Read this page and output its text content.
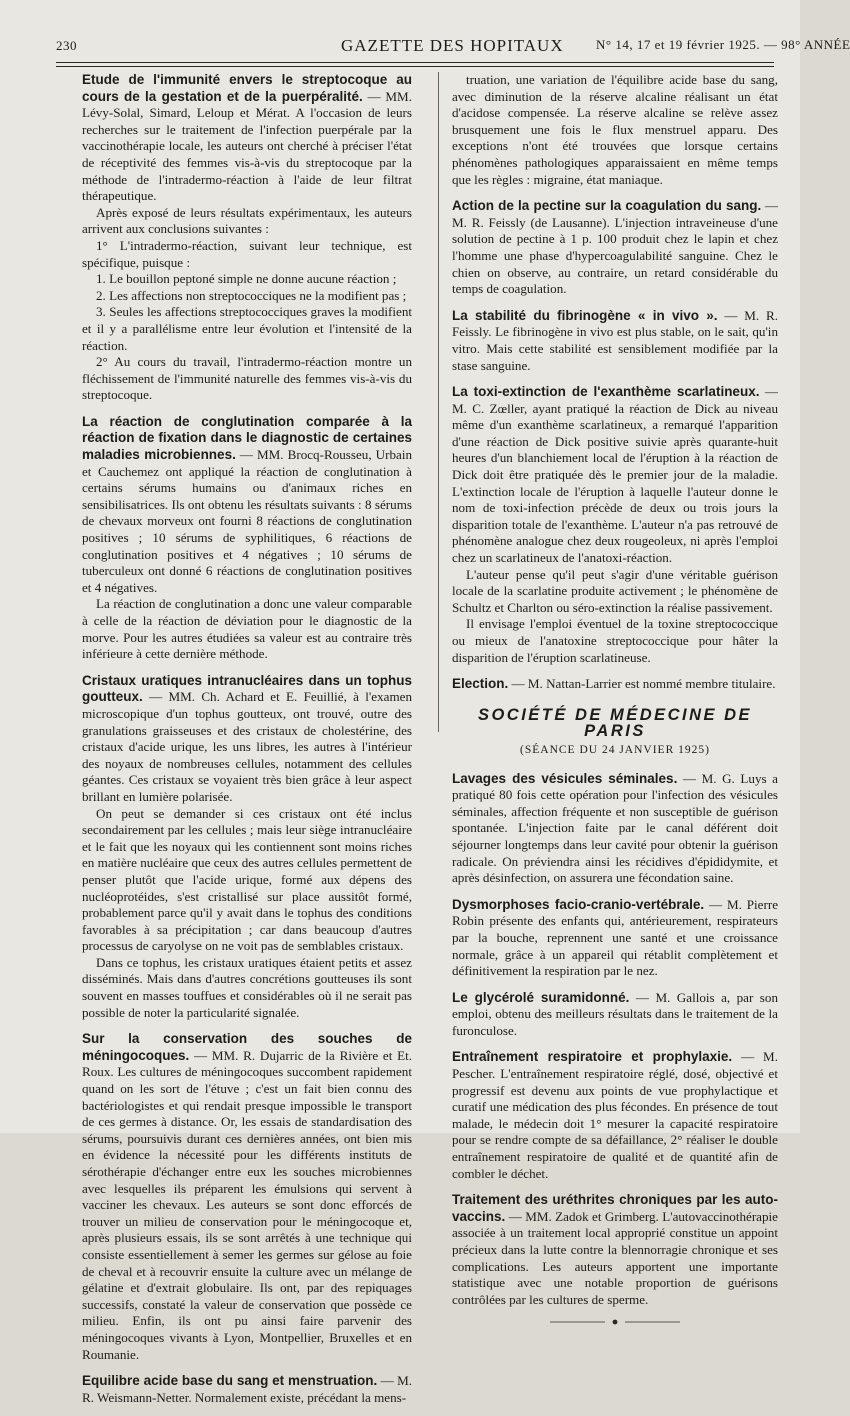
230	GAZETTE DES HOPITAUX N° 14, 17 et 19 février 1925. — 98° ANNÉE
Etude de l'immunité envers le streptocoque au cours de la gestation et de la puerpéralité. — MM. Lévy-Solal, Simard, Leloup et Mérat. A l'occasion de leurs recherches sur le traitement de l'infection puerpérale par la vaccinothérapie locale, les auteurs ont cherché à préciser l'état de réceptivité des femmes vis-à-vis du streptocoque par la méthode de l'intradermo-réaction à l'aide de leur filtrat thérapeutique.

Après exposé de leurs résultats expérimentaux, les auteurs arrivent aux conclusions suivantes :

1° L'intradermo-réaction, suivant leur technique, est spécifique, puisque :

1. Le bouillon peptoné simple ne donne aucune réaction ;

2. Les affections non streptococciques ne la modifient pas ;

3. Seules les affections streptococciques graves la modifient et il y a parallélisme entre leur évolution et l'intensité de la réaction.

2° Au cours du travail, l'intradermo-réaction montre un fléchissement de l'immunité naturelle des femmes vis-à-vis du streptocoque.

La réaction de conglutination comparée à la réaction de fixation dans le diagnostic de certaines maladies microbiennes. — MM. Brocq-Rousseu, Urbain et Cauchemez ont appliqué la réaction de conglutination à certains sérums humains ou d'animaux riches en sensibilisatrices. Ils ont obtenu les résultats suivants : 8 sérums de chevaux morveux ont fourni 8 réactions de conglutination positives ; 10 sérums de syphilitiques, 6 réactions de conglutination positives et 4 négatives ; 10 sérums de tuberculeux ont donné 6 réactions de conglutination positives et 4 négatives.

La réaction de conglutination a donc une valeur comparable à celle de la réaction de déviation pour le diagnostic de la morve. Pour les autres étudiées sa valeur est au contraire très inférieure à cette dernière méthode.

Cristaux uratiques intranucléaires dans un tophus goutteux. — MM. Ch. Achard et E. Feuillié, à l'examen microscopique d'un tophus goutteux, ont trouvé, outre des granulations graisseuses et des cristaux de cholestérine, des cristaux d'acide urique, les uns libres, les autres à l'intérieur des noyaux de nombreuses cellules, notamment des cellules géantes. Ces cristaux se voyaient très bien grâce à leur aspect brillant en lumière polarisée.

On peut se demander si ces cristaux ont été inclus secondairement par les cellules ; mais leur siège intranucléaire et le fait que les noyaux qui les contiennent sont moins riches en matière nucléaire que ceux des autres cellules permettent de penser plutôt que l'acide urique, formé aux dépens des nucléoprotéides, s'est cristallisé sur place aussitôt formé, probablement parce qu'il y avait dans le tophus des conditions favorables à sa précipitation ; car dans beaucoup d'autres processus de caryolyse on ne voit pas de semblables cristaux.

Dans ce tophus, les cristaux uratiques étaient petits et assez disséminés. Mais dans d'autres concrétions goutteuses ils sont souvent en masses touffues et considérables où il ne serait pas possible de noter la particularité signalée.

Sur la conservation des souches de méningocoques. — MM. R. Dujarric de la Rivière et Et. Roux. Les cultures de méningocoques succombent rapidement quand on les sort de l'étuve ; c'est un fait bien connu des bactériologistes et qui rendait presque impossible le transport de ces germes à distance. Or, les essais de standardisation des sérums, poursuivis durant ces dernières années, ont bien mis en évidence la nécessité pour les différents instituts de sérothérapie d'échanger entre eux les souches microbiennes avec lesquelles ils préparent les émulsions qui servent à vacciner les chevaux. Les auteurs se sont donc efforcés de trouver un milieu de conservation pour le méningocoque et, après plusieurs essais, ils se sont arrêtés à une technique qui consiste essentiellement à semer les germes sur gélose au foie de cheval et à recouvrir ensuite la culture avec un mélange de gélatine et d'extrait globulaire. Ils ont, par des repiquages successifs, constaté la valeur de conservation que possède ce milieu. Enfin, ils ont pu ainsi faire parvenir des méningocoques vivants à Lyon, Montpellier, Bruxelles et en Roumanie.
Equilibre acide base du sang et menstruation. — M. R. Weismann-Netter. Normalement existe, précédant la mens-

truation, une variation de l'équilibre acide base du sang, avec diminution de la réserve alcaline réalisant un état d'acidose compensée. La réserve alcaline se relève assez brusquement une fois le flux menstruel apparu. Des exceptions n'ont été trouvées que lorsque certains phénomènes pathologiques apparaissaient en même temps que les règles : migraine, état maniaque.

Action de la pectine sur la coagulation du sang. — M. R. Feissly (de Lausanne). L'injection intraveineuse d'une solution de pectine à 1 p. 100 produit chez le lapin et chez l'homme une phase d'hypercoagulabilité sanguine. Chez le chien on observe, au contraire, un retard considérable du temps de coagulation.
La stabilité du fibrinogène « in vivo ». — M. R. Feissly. Le fibrinogène in vivo est plus stable, on le sait, qu'in vitro. Mais cette stabilité est sensiblement modifiée par la stase sanguine.
La toxi-extinction de l'exanthème scarlatineux. — M. C. Zœller, ayant pratiqué la réaction de Dick au niveau même d'un exanthème scarlatineux, a remarqué l'apparition d'une réaction de Dick positive suivie après quarante-huit heures d'un blanchiement local de l'éruption à la réaction de Dick doit être pratiquée dès le premier jour de la maladie. L'extinction locale de l'éruption à laquelle l'auteur donne le nom de toxi-infection précède de deux ou trois jours la disparition totale de l'exanthème. L'auteur n'a pas retrouvé de phénomène analogue chez deux rougeoleux, ni après l'emploi chez un scarlatineux de l'anatoxi-réaction.

L'auteur pense qu'il peut s'agir d'une véritable guérison locale de la scarlatine produite activement ; le phénomène de Schultz et Charlton ou séro-extinction la réalise passivement.

Il envisage l'emploi éventuel de la toxine streptococcique ou mieux de l'anatoxine streptococcique pour hâter la disparition de l'éruption scarlatineuse.

Election. — M. Nattan-Larrier est nommé membre titulaire.
SOCIÉTÉ DE MÉDECINE DE PARIS
(SÉANCE DU 24 JANVIER 1925)
Lavages des vésicules séminales. — M. G. Luys a pratiqué 80 fois cette opération pour l'infection des vésicules séminales, affection fréquente et non susceptible de guérison spontanée. L'injection faite par le canal déférent doit séjourner longtemps dans leur cavité pour obtenir la guérison radicale. On préviendra ainsi les récidives d'épididymite, et après désinfection, on assurera une fécondation saine.
Dysmorphoses facio-cranio-vertébrale. — M. Pierre Robin présente des enfants qui, antérieurement, respirateurs par la bouche, reprennent une santé et une croissance normale, grâce à un appareil qui rétablit complètement et définitivement la respiration par le nez.
Le glycérolé suramidonné. — M. Gallois a, par son emploi, obtenu des meilleurs résultats dans le traitement de la furonculose.
Entraînement respiratoire et prophylaxie. — M. Pescher. L'entraînement respiratoire réglé, dosé, objectivé et progressif est devenu aux points de vue prophylactique et curatif une médication des plus fécondes. En présence de tout malade, le médecin doit 1° mesurer la capacité respiratoire pour se rendre compte de sa défaillance, 2° réaliser le double entraînement respiratoire de qualité et de quantité afin de combler le déchet.
Traitement des uréthrites chroniques par les auto-vaccins. — MM. Zadok et Grimberg. L'autovaccinothérapie associée à un traitement local approprié constitue un appoint précieux dans la lutte contre la blennorragie chronique et ses complications. Les auteurs apportent une importante statistique avec une notable proportion de guérisons contrôlées par les cultures de sperme.
